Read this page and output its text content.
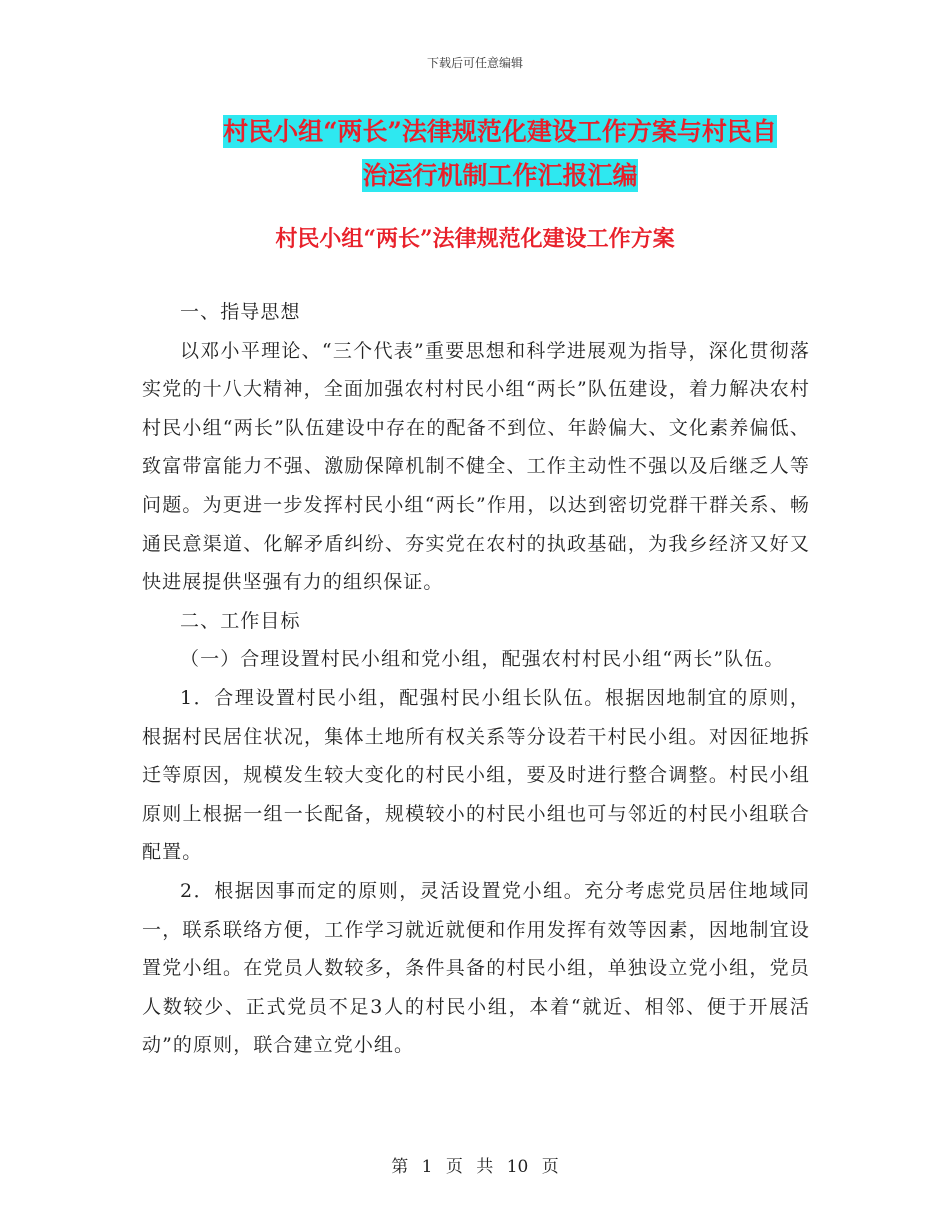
下载后可任意编辑
村民小组“两长”法律规范化建设工作方案与村民自
治运行机制工作汇报汇编
村民小组“两长”法律规范化建设工作方案

一、指导思想

以邓小平理论、“三个代表”重要思想和科学进展观为指导，深化贯彻落实党的十八大精神，全面加强农村村民小组“两长”队伍建设，着力解决农村村民小组“两长”队伍建设中存在的配备不到位、年龄偏大、文化素养偏低、致富带富能力不强、激励保障机制不健全、工作主动性不强以及后继乏人等问题。为更进一步发挥村民小组“两长”作用，以达到密切党群干群关系、畅通民意渠道、化解矛盾纠纷、夯实党在农村的执政基础，为我乡经济又好又快进展提供坚强有力的组织保证。

二、工作目标

（一）合理设置村民小组和党小组，配强农村村民小组“两长”队伍。

1．合理设置村民小组，配强村民小组长队伍。根据因地制宜的原则，根据村民居住状况，集体土地所有权关系等分设若干村民小组。对因征地拆迁等原因，规模发生较大变化的村民小组，要及时进行整合调整。村民小组原则上根据一组一长配备，规模较小的村民小组也可与邻近的村民小组联合配置。

2．根据因事而定的原则，灵活设置党小组。充分考虑党员居住地域同一，联系联络方便，工作学习就近就便和作用发挥有效等因素，因地制宜设置党小组。在党员人数较多，条件具备的村民小组，单独设立党小组，党员人数较少、正式党员不足3人的村民小组，本着“就近、相邻、便于开展活动”的原则，联合建立党小组。

第 1 页 共 10 页
